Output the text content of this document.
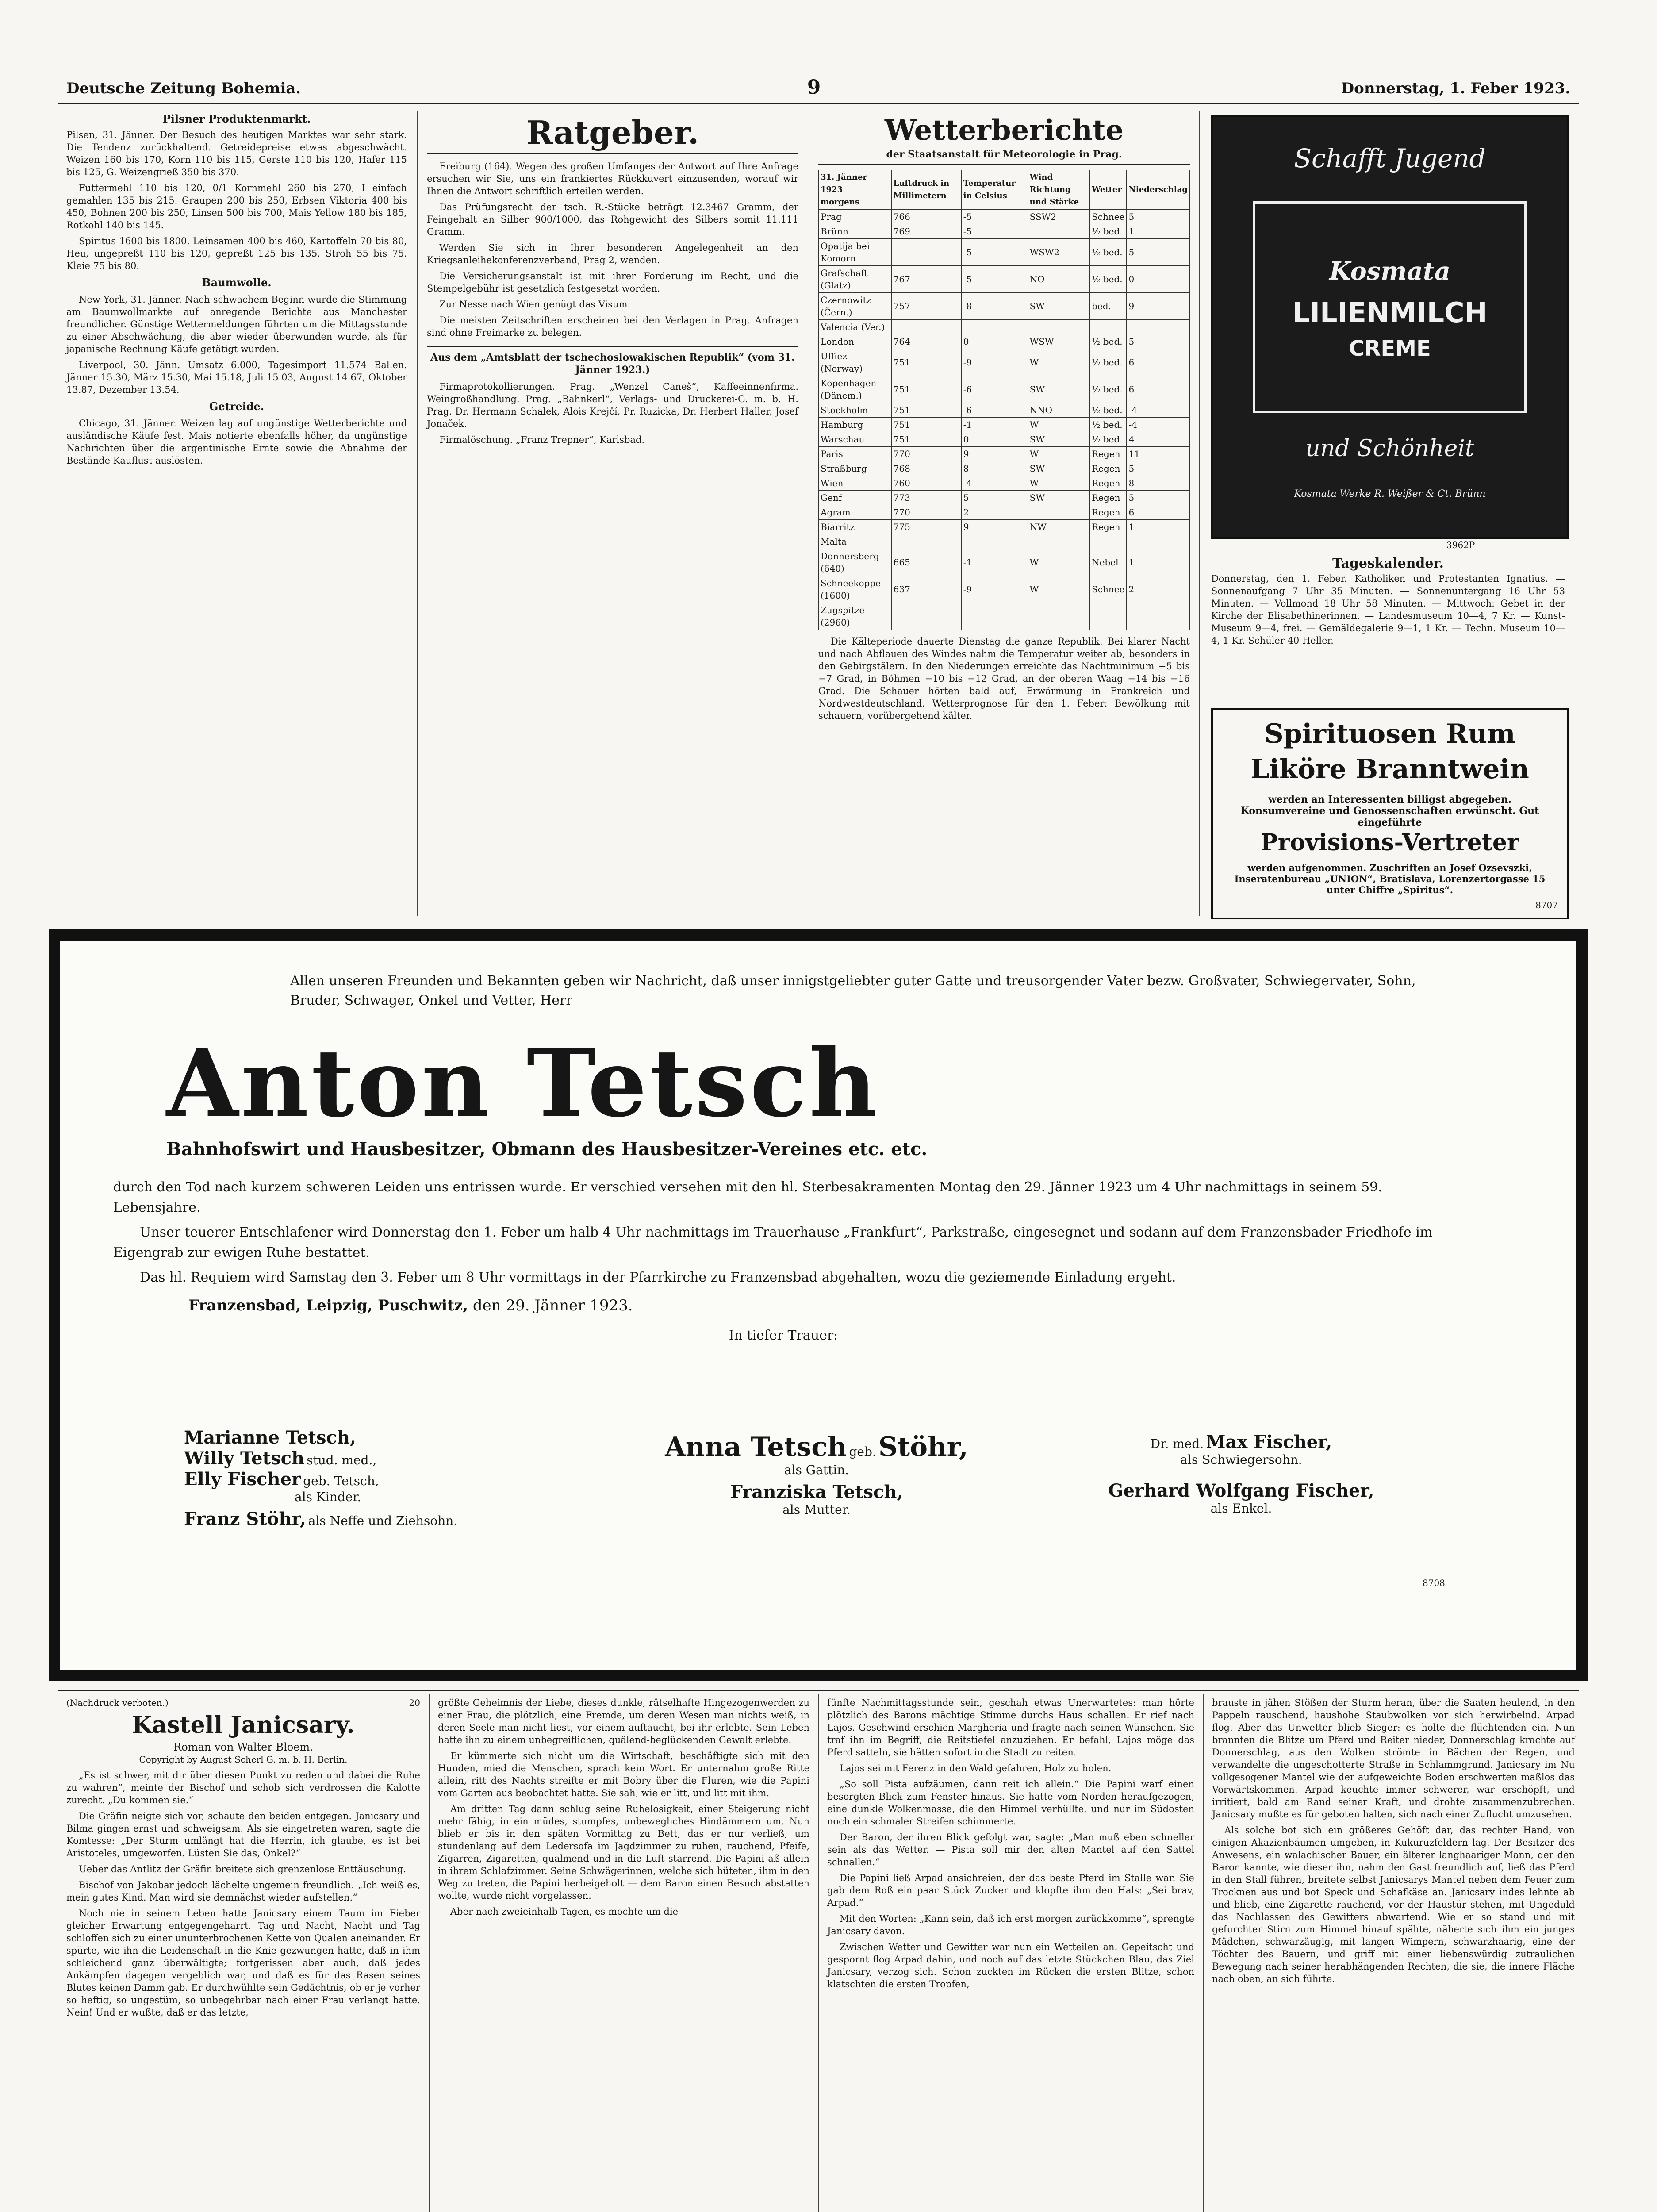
Deutsche Zeitung Bohemia.	9	Donnerstag, 1. Feber 1923.
Pilsner Produktenmarkt.

Pilsen, 31. Jänner. Der Besuch des heutigen Marktes war sehr stark. Die Tendenz zurückhaltend. Getreidepreise etwas abgeschwächt. Weizen 160 bis 170, Korn 110 bis 115, Gerste 110 bis 120, Hafer 115 bis 125, G. Weizengrieß 350 bis 370.

Futtermehl 110 bis 120, 0/1 Kornmehl 260 bis 270, I einfach gemahlen 135 bis 215. Graupen 200 bis 250, Erbsen Viktoria 400 bis 450, Bohnen 200 bis 250, Linsen 500 bis 700, Mais Yellow 180 bis 185, Rotkohl 140 bis 145.

Spiritus 1600 bis 1800. Leinsamen 400 bis 460, Kartoffeln 70 bis 80, Heu, ungepreßt 110 bis 120, gepreßt 125 bis 135, Stroh 55 bis 75. Kleie 75 bis 80.

Baumwolle.

New York, 31. Jänner. Nach schwachem Beginn wurde die Stimmung am Baumwollmarkte auf anregende Berichte aus Manchester freundlicher. Günstige Wettermeldungen führten um die Mittagsstunde zu einer Abschwächung, die aber wieder überwunden wurde, als für japanische Rechnung Käufe getätigt wurden.

Liverpool, 30. Jänn. Umsatz 6.000, Tagesimport 11.574 Ballen. Jänner 15.30, März 15.30, Mai 15.18, Juli 15.03, August 14.67, Oktober 13.87, Dezember 13.54.

Getreide.

Chicago, 31. Jänner. Weizen lag auf ungünstige Wetterberichte und ausländische Käufe fest. Mais notierte ebenfalls höher, da ungünstige Nachrichten über die argentinische Ernte sowie die Abnahme der Bestände Kauflust auslösten.

Ratgeber.

Freiburg (164). Wegen des großen Umfanges der Antwort auf Ihre Anfrage ersuchen wir Sie, uns ein frankiertes Rückkuvert einzusenden, worauf wir Ihnen die Antwort schriftlich erteilen werden.

Das Prüfungsrecht der tsch. R.-Stücke beträgt 12.3467 Gramm, der Feingehalt an Silber 900/1000, das Rohgewicht des Silbers somit 11.111 Gramm.

Werden Sie sich in Ihrer besonderen Angelegenheit an den Kriegsanleihekonferenzverband, Prag 2, wenden.

Die Versicherungsanstalt ist mit ihrer Forderung im Recht, und die Stempelgebühr ist gesetzlich festgesetzt worden.

Zur Nesse nach Wien genügt das Visum.

Die meisten Zeitschriften erscheinen bei den Verlagen in Prag. Anfragen sind ohne Freimarke zu belegen.

Aus dem „Amtsblatt der tschechoslowakischen Republik“ (vom 31. Jänner 1923.)

Firmaprotokollierungen. Prag. „Wenzel Caneš“, Kaffeeinnenfirma. Weingroßhandlung. Prag. „Bahnkerl“, Verlags- und Druckerei-G. m. b. H. Prag. Dr. Hermann Schalek, Alois Krejčí, Pr. Ruzicka, Dr. Herbert Haller, Josef Jonaček.

Firmalöschung. „Franz Trepner“, Karlsbad.

Wetterberichte
der Staatsanstalt für Meteorologie in Prag.
31. Jänner 1923
morgens	Luftdruck in Millimetern	Temperatur in Celsius	Wind Richtung und Stärke	Wetter	Niederschlag
Prag	766	-5	SSW2	Schnee	5
Brünn	769	-5		½ bed.	1
Opatija bei Komorn		-5	WSW2	½ bed.	5
Grafschaft (Glatz)	767	-5	NO	½ bed.	0
Czernowitz (Čern.)	757	-8	SW	bed.	9
Valencia (Ver.)					
London	764	0	WSW	½ bed.	5
Uffiez (Norway)	751	-9	W	½ bed.	6
Kopenhagen (Dänem.)	751	-6	SW	½ bed.	6
Stockholm	751	-6	NNO	½ bed.	-4
Hamburg	751	-1	W	½ bed.	-4
Warschau	751	0	SW	½ bed.	4
Paris	770	9	W	Regen	11
Straßburg	768	8	SW	Regen	5
Wien	760	-4	W	Regen	8
Genf	773	5	SW	Regen	5
Agram	770	2		Regen	6
Biarritz	775	9	NW	Regen	1
Malta					
Donnersberg (640)	665	-1	W	Nebel	1
Schneekoppe (1600)	637	-9	W	Schnee	2
Zugspitze (2960)					

Die Kälteperiode dauerte Dienstag die ganze Republik. Bei klarer Nacht und nach Abflauen des Windes nahm die Temperatur weiter ab, besonders in den Gebirgstälern. In den Niederungen erreichte das Nachtminimum −5 bis −7 Grad, in Böhmen −10 bis −12 Grad, an der oberen Waag −14 bis −16 Grad. Die Schauer hörten bald auf, Erwärmung in Frankreich und Nordwestdeutschland. Wetterprognose für den 1. Feber: Bewölkung mit schauern, vorübergehend kälter.

Schafft Jugend
Kosmata
LILIENMILCH
CREME
und Schönheit
Kosmata Werke R. Weißer & Ct. Brünn
3962P
Tageskalender.

Donnerstag, den 1. Feber. Katholiken und Protestanten Ignatius. — Sonnenaufgang 7 Uhr 35 Minuten. — Sonnenuntergang 16 Uhr 53 Minuten. — Vollmond 18 Uhr 58 Minuten. — Mittwoch: Gebet in der Kirche der Elisabethinerinnen. — Landesmuseum 10—4, 7 Kr. — Kunst-Museum 9—4, frei. — Gemäldegalerie 9—1, 1 Kr. — Techn. Museum 10—4, 1 Kr. Schüler 40 Heller.

Spirituosen Rum
Liköre Branntwein
werden an Interessenten billigst abgegeben. Konsumvereine und Genossenschaften erwünscht. Gut eingeführte
Provisions-Vertreter
werden aufgenommen. Zuschriften an Josef Ozsevszki, Inseratenbureau „UNION“, Bratislava, Lorenzertorgasse 15 unter Chiffre „Spiritus“.
8707
Allen unseren Freunden und Bekannten geben wir Nachricht, daß unser innigstgeliebter guter Gatte und treusorgender Vater bezw. Großvater, Schwiegervater, Sohn, Bruder, Schwager, Onkel und Vetter, Herr
Anton Tetsch
Bahnhofswirt und Hausbesitzer, Obmann des Hausbesitzer-Vereines etc. etc.
durch den Tod nach kurzem schweren Leiden uns entrissen wurde. Er verschied versehen mit den hl. Sterbesakramenten Montag den 29. Jänner 1923 um 4 Uhr nachmittags in seinem 59. Lebensjahre.
Unser teuerer Entschlafener wird Donnerstag den 1. Feber um halb 4 Uhr nachmittags im Trauerhause „Frankfurt“, Parkstraße, eingesegnet und sodann auf dem Franzensbader Friedhofe im Eigengrab zur ewigen Ruhe bestattet.
Das hl. Requiem wird Samstag den 3. Feber um 8 Uhr vormittags in der Pfarrkirche zu Franzensbad abgehalten, wozu die geziemende Einladung ergeht.
Franzensbad, Leipzig, Puschwitz, den 29. Jänner 1923.
In tiefer Trauer:
Marianne Tetsch,
Willy Tetsch stud. med.,
Elly Fischer geb. Tetsch,
als Kinder.
Franz Stöhr, als Neffe und Ziehsohn.
Anna Tetsch geb. Stöhr,
als Gattin.
Franziska Tetsch,
als Mutter.
Dr. med. Max Fischer,
als Schwiegersohn.
Gerhard Wolfgang Fischer,
als Enkel.
8708
(Nachdruck verboten.)	20
Kastell Janicsary.
Roman von Walter Bloem.
Copyright by August Scherl G. m. b. H. Berlin.

„Es ist schwer, mit dir über diesen Punkt zu reden und dabei die Ruhe zu wahren“, meinte der Bischof und schob sich verdrossen die Kalotte zurecht. „Du kommen sie.“

Die Gräfin neigte sich vor, schaute den beiden entgegen. Janicsary und Bilma gingen ernst und schweigsam. Als sie eingetreten waren, sagte die Komtesse: „Der Sturm umlängt hat die Herrin, ich glaube, es ist bei Aristoteles, umgeworfen. Lüsten Sie das, Onkel?“

Ueber das Antlitz der Gräfin breitete sich grenzenlose Enttäuschung.

Bischof von Jakobar jedoch lächelte ungemein freundlich. „Ich weiß es, mein gutes Kind. Man wird sie demnächst wieder aufstellen.“

Noch nie in seinem Leben hatte Janicsary einem Taum im Fieber gleicher Erwartung entgegengeharrt. Tag und Nacht, Nacht und Tag schloffen sich zu einer ununterbrochenen Kette von Qualen aneinander. Er spürte, wie ihn die Leidenschaft in die Knie gezwungen hatte, daß in ihm schleichend ganz überwältigte; fortgerissen aber auch, daß jedes Ankämpfen dagegen vergeblich war, und daß es für das Rasen seines Blutes keinen Damm gab. Er durchwühlte sein Gedächtnis, ob er je vorher so heftig, so ungestüm, so unbegehrbar nach einer Frau verlangt hatte. Nein! Und er wußte, daß er das letzte,

größte Geheimnis der Liebe, dieses dunkle, rätselhafte Hingezogenwerden zu einer Frau, die plötzlich, eine Fremde, um deren Wesen man nichts weiß, in deren Seele man nicht liest, vor einem auftaucht, bei ihr erlebte. Sein Leben hatte ihn zu einem unbegreiflichen, quälend-beglückenden Gewalt erlebte.

Er kümmerte sich nicht um die Wirtschaft, beschäftigte sich mit den Hunden, mied die Menschen, sprach kein Wort. Er unternahm große Ritte allein, ritt des Nachts streifte er mit Bobry über die Fluren, wie die Papini vom Garten aus beobachtet hatte. Sie sah, wie er litt, und litt mit ihm.

Am dritten Tag dann schlug seine Ruhelosigkeit, einer Steigerung nicht mehr fähig, in ein müdes, stumpfes, unbewegliches Hindämmern um. Nun blieb er bis in den späten Vormittag zu Bett, das er nur verließ, um stundenlang auf dem Ledersofa im Jagdzimmer zu ruhen, rauchend, Pfeife, Zigarren, Zigaretten, qualmend und in die Luft starrend. Die Papini aß allein in ihrem Schlafzimmer. Seine Schwägerinnen, welche sich hüteten, ihm in den Weg zu treten, die Papini herbeigeholt — dem Baron einen Besuch abstatten wollte, wurde nicht vorgelassen.

Aber nach zweieinhalb Tagen, es mochte um die

fünfte Nachmittagsstunde sein, geschah etwas Unerwartetes: man hörte plötzlich des Barons mächtige Stimme durchs Haus schallen. Er rief nach Lajos. Geschwind erschien Margheria und fragte nach seinen Wünschen. Sie traf ihn im Begriff, die Reitstiefel anzuziehen. Er befahl, Lajos möge das Pferd satteln, sie hätten sofort in die Stadt zu reiten.

Lajos sei mit Ferenz in den Wald gefahren, Holz zu holen.

„So soll Pista aufzäumen, dann reit ich allein.“ Die Papini warf einen besorgten Blick zum Fenster hinaus. Sie hatte vom Norden heraufgezogen, eine dunkle Wolkenmasse, die den Himmel verhüllte, und nur im Südosten noch ein schmaler Streifen schimmerte.

Der Baron, der ihren Blick gefolgt war, sagte: „Man muß eben schneller sein als das Wetter. — Pista soll mir den alten Mantel auf den Sattel schnallen.“

Die Papini ließ Arpad ansichreien, der das beste Pferd im Stalle war. Sie gab dem Roß ein paar Stück Zucker und klopfte ihm den Hals: „Sei brav, Arpad.“

Mit den Worten: „Kann sein, daß ich erst morgen zurückkomme“, sprengte Janicsary davon.

Zwischen Wetter und Gewitter war nun ein Wetteilen an. Gepeitscht und gespornt flog Arpad dahin, und noch auf das letzte Stückchen Blau, das Ziel Janicsary, verzog sich. Schon zuckten im Rücken die ersten Blitze, schon klatschten die ersten Tropfen,

brauste in jähen Stößen der Sturm heran, über die Saaten heulend, in den Pappeln rauschend, haushohe Staubwolken vor sich herwirbelnd. Arpad flog. Aber das Unwetter blieb Sieger: es holte die flüchtenden ein. Nun brannten die Blitze um Pferd und Reiter nieder, Donnerschlag krachte auf Donnerschlag, aus den Wolken strömte in Bächen der Regen, und verwandelte die ungeschotterte Straße in Schlammgrund. Janicsary im Nu vollgesogener Mantel wie der aufgeweichte Boden erschwerten maßlos das Vorwärtskommen. Arpad keuchte immer schwerer, war erschöpft, und irritiert, bald am Rand seiner Kraft, und drohte zusammenzubrechen. Janicsary mußte es für geboten halten, sich nach einer Zuflucht umzusehen.

Als solche bot sich ein größeres Gehöft dar, das rechter Hand, von einigen Akazienbäumen umgeben, in Kukuruzfeldern lag. Der Besitzer des Anwesens, ein walachischer Bauer, ein älterer langhaariger Mann, der den Baron kannte, wie dieser ihn, nahm den Gast freundlich auf, ließ das Pferd in den Stall führen, breitete selbst Janicsarys Mantel neben dem Feuer zum Trocknen aus und bot Speck und Schafkäse an. Janicsary indes lehnte ab und blieb, eine Zigarette rauchend, vor der Haustür stehen, mit Ungeduld das Nachlassen des Gewitters abwartend. Wie er so stand und mit gefurchter Stirn zum Himmel hinauf spähte, näherte sich ihm ein junges Mädchen, schwarzäugig, mit langen Wimpern, schwarzhaarig, eine der Töchter des Bauern, und griff mit einer liebenswürdig zutraulichen Bewegung nach seiner herabhängenden Rechten, die sie, die innere Fläche nach oben, an sich führte.
